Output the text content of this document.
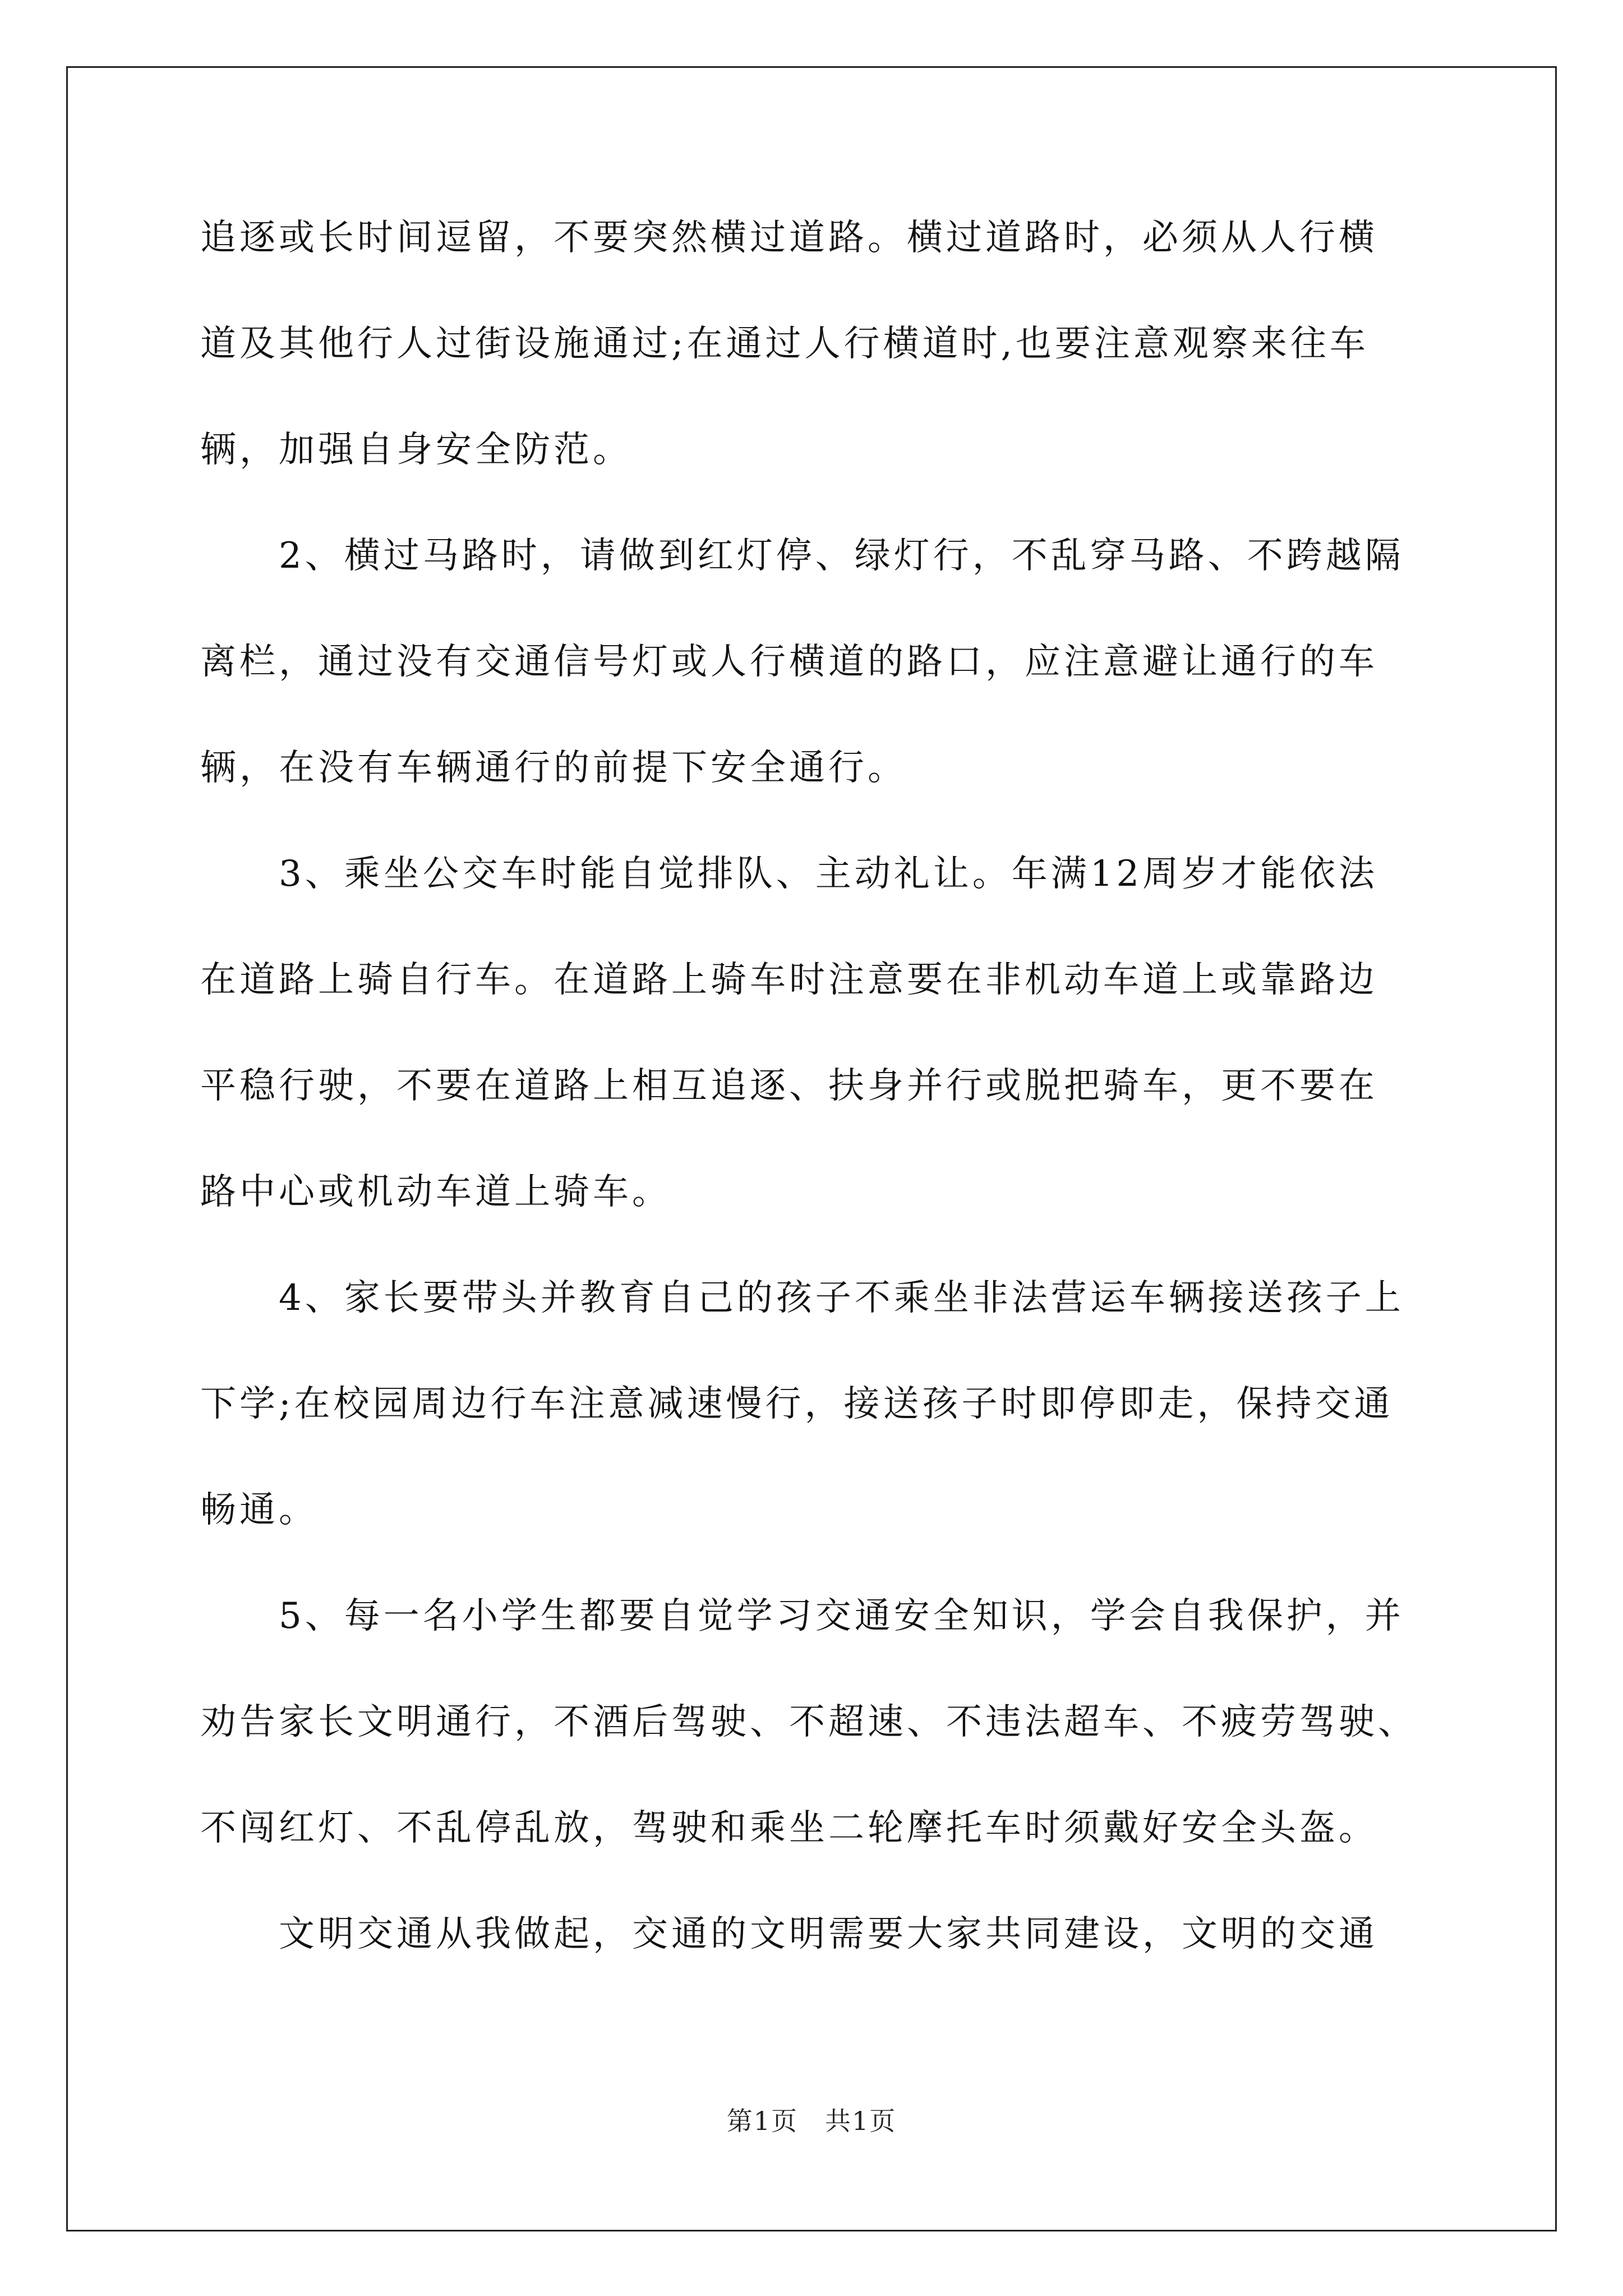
追逐或长时间逗留，不要突然横过道路。横过道路时，必须从人行横
道及其他行人过街设施通过;在通过人行横道时,也要注意观察来往车
辆，加强自身安全防范。
2、横过马路时，请做到红灯停、绿灯行，不乱穿马路、不跨越隔
离栏，通过没有交通信号灯或人行横道的路口，应注意避让通行的车
辆，在没有车辆通行的前提下安全通行。
3、乘坐公交车时能自觉排队、主动礼让。年满12周岁才能依法
在道路上骑自行车。在道路上骑车时注意要在非机动车道上或靠路边
平稳行驶，不要在道路上相互追逐、扶身并行或脱把骑车，更不要在
路中心或机动车道上骑车。
4、家长要带头并教育自己的孩子不乘坐非法营运车辆接送孩子上
下学;在校园周边行车注意减速慢行，接送孩子时即停即走，保持交通
畅通。
5、每一名小学生都要自觉学习交通安全知识，学会自我保护，并
劝告家长文明通行，不酒后驾驶、不超速、不违法超车、不疲劳驾驶、
不闯红灯、不乱停乱放，驾驶和乘坐二轮摩托车时须戴好安全头盔。
文明交通从我做起，交通的文明需要大家共同建设，文明的交通
第1页　共1页
